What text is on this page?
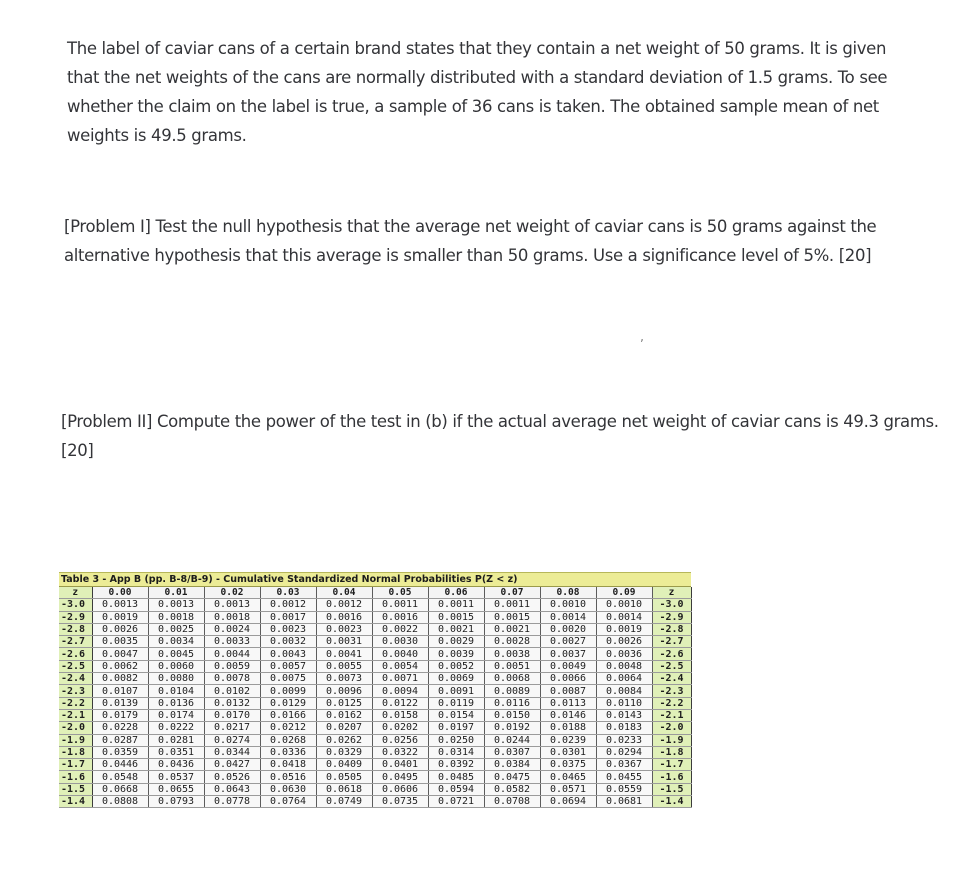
The label of caviar cans of a certain brand states that they contain a net weight of 50 grams. It is given that the net weights of the cans are normally distributed with a standard deviation of 1.5 grams. To see whether the claim on the label is true, a sample of 36 cans is taken. The obtained sample mean of net weights is 49.5 grams.
[Problem I] Test the null hypothesis that the average net weight of caviar cans is 50 grams against the alternative hypothesis that this average is smaller than 50 grams. Use a significance level of 5%. [20]
ʼ
[Problem II] Compute the power of the test in (b) if the actual average net weight of caviar cans is 49.3 grams. [20]
Table 3 - App B (pp. B-8/B-9) - Cumulative Standardized Normal Probabilities P(Z < z)
z	0.00	0.01	0.02	0.03	0.04	0.05	0.06	0.07	0.08	0.09	z
-3.0	0.0013	0.0013	0.0013	0.0012	0.0012	0.0011	0.0011	0.0011	0.0010	0.0010	-3.0
-2.9	0.0019	0.0018	0.0018	0.0017	0.0016	0.0016	0.0015	0.0015	0.0014	0.0014	-2.9
-2.8	0.0026	0.0025	0.0024	0.0023	0.0023	0.0022	0.0021	0.0021	0.0020	0.0019	-2.8
-2.7	0.0035	0.0034	0.0033	0.0032	0.0031	0.0030	0.0029	0.0028	0.0027	0.0026	-2.7
-2.6	0.0047	0.0045	0.0044	0.0043	0.0041	0.0040	0.0039	0.0038	0.0037	0.0036	-2.6
-2.5	0.0062	0.0060	0.0059	0.0057	0.0055	0.0054	0.0052	0.0051	0.0049	0.0048	-2.5
-2.4	0.0082	0.0080	0.0078	0.0075	0.0073	0.0071	0.0069	0.0068	0.0066	0.0064	-2.4
-2.3	0.0107	0.0104	0.0102	0.0099	0.0096	0.0094	0.0091	0.0089	0.0087	0.0084	-2.3
-2.2	0.0139	0.0136	0.0132	0.0129	0.0125	0.0122	0.0119	0.0116	0.0113	0.0110	-2.2
-2.1	0.0179	0.0174	0.0170	0.0166	0.0162	0.0158	0.0154	0.0150	0.0146	0.0143	-2.1
-2.0	0.0228	0.0222	0.0217	0.0212	0.0207	0.0202	0.0197	0.0192	0.0188	0.0183	-2.0
-1.9	0.0287	0.0281	0.0274	0.0268	0.0262	0.0256	0.0250	0.0244	0.0239	0.0233	-1.9
-1.8	0.0359	0.0351	0.0344	0.0336	0.0329	0.0322	0.0314	0.0307	0.0301	0.0294	-1.8
-1.7	0.0446	0.0436	0.0427	0.0418	0.0409	0.0401	0.0392	0.0384	0.0375	0.0367	-1.7
-1.6	0.0548	0.0537	0.0526	0.0516	0.0505	0.0495	0.0485	0.0475	0.0465	0.0455	-1.6
-1.5	0.0668	0.0655	0.0643	0.0630	0.0618	0.0606	0.0594	0.0582	0.0571	0.0559	-1.5
-1.4	0.0808	0.0793	0.0778	0.0764	0.0749	0.0735	0.0721	0.0708	0.0694	0.0681	-1.4
